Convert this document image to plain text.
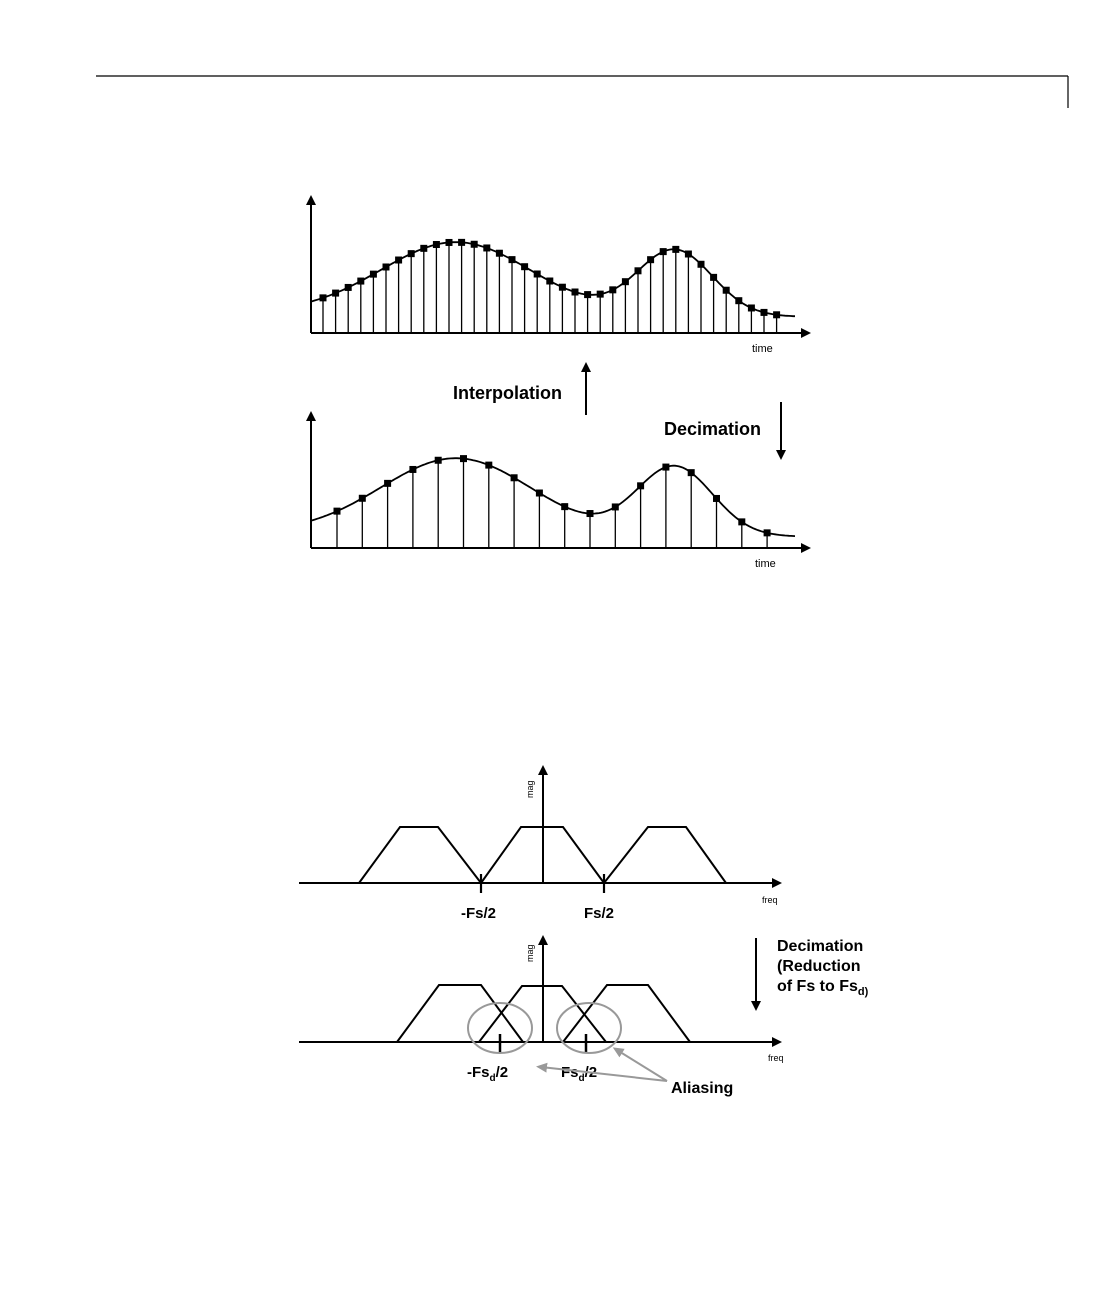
time
Interpolation
Decimation
time
mag
freq
-Fs/2	Fs/2
Decimation
(Reduction
of Fs to $Fs_{d)}$
mag
freq
$-Fs_d/2$	$Fs_d$
Aliasing
